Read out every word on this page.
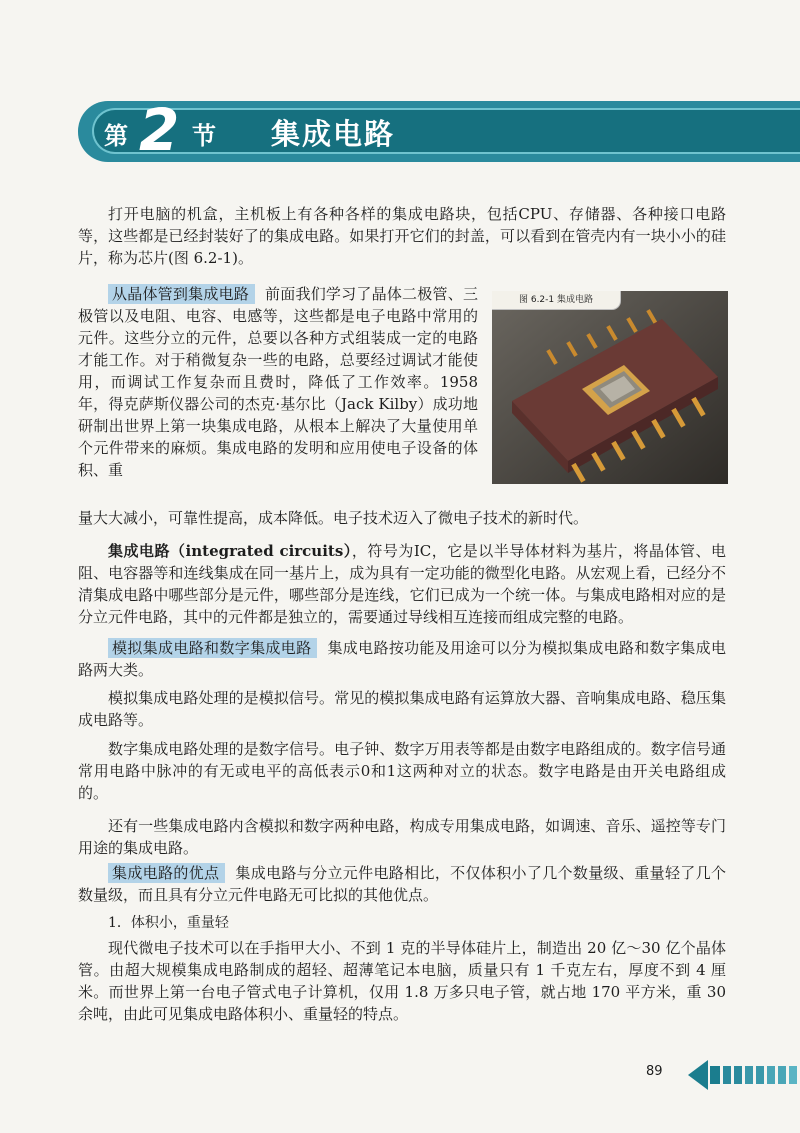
第 2 节 集成电路

打开电脑的机盒，主机板上有各种各样的集成电路块，包括CPU、存储器、各种接口电路等，这些都是已经封装好了的集成电路。如果打开它们的封盖，可以看到在管壳内有一块小小的硅片，称为芯片(图 6.2-1)。

从晶体管到集成电路 前面我们学习了晶体二极管、三极管以及电阻、电容、电感等，这些都是电子电路中常用的元件。这些分立的元件，总要以各种方式组装成一定的电路才能工作。对于稍微复杂一些的电路，总要经过调试才能使用，而调试工作复杂而且费时，降低了工作效率。1958 年，得克萨斯仪器公司的杰克·基尔比（Jack Kilby）成功地研制出世界上第一块集成电路，从根本上解决了大量使用单个元件带来的麻烦。集成电路的发明和应用使电子设备的体积、重

量大大减小，可靠性提高，成本降低。电子技术迈入了微电子技术的新时代。

图 6.2-1 集成电路

集成电路（integrated circuits），符号为IC，它是以半导体材料为基片，将晶体管、电阻、电容器等和连线集成在同一基片上，成为具有一定功能的微型化电路。从宏观上看，已经分不清集成电路中哪些部分是元件，哪些部分是连线，它们已成为一个统一体。与集成电路相对应的是分立元件电路，其中的元件都是独立的，需要通过导线相互连接而组成完整的电路。

模拟集成电路和数字集成电路 集成电路按功能及用途可以分为模拟集成电路和数字集成电路两大类。

模拟集成电路处理的是模拟信号。常见的模拟集成电路有运算放大器、音响集成电路、稳压集成电路等。

数字集成电路处理的是数字信号。电子钟、数字万用表等都是由数字电路组成的。数字信号通常用电路中脉冲的有无或电平的高低表示0和1这两种对立的状态。数字电路是由开关电路组成的。

还有一些集成电路内含模拟和数字两种电路，构成专用集成电路，如调速、音乐、遥控等专门用途的集成电路。

集成电路的优点 集成电路与分立元件电路相比，不仅体积小了几个数量级、重量轻了几个数量级，而且具有分立元件电路无可比拟的其他优点。

1．体积小，重量轻

现代微电子技术可以在手指甲大小、不到 1 克的半导体硅片上，制造出 20 亿～30 亿个晶体管。由超大规模集成电路制成的超轻、超薄笔记本电脑，质量只有 1 千克左右，厚度不到 4 厘米。而世界上第一台电子管式电子计算机，仅用 1.8 万多只电子管，就占地 170 平方米，重 30 余吨，由此可见集成电路体积小、重量轻的特点。

89
